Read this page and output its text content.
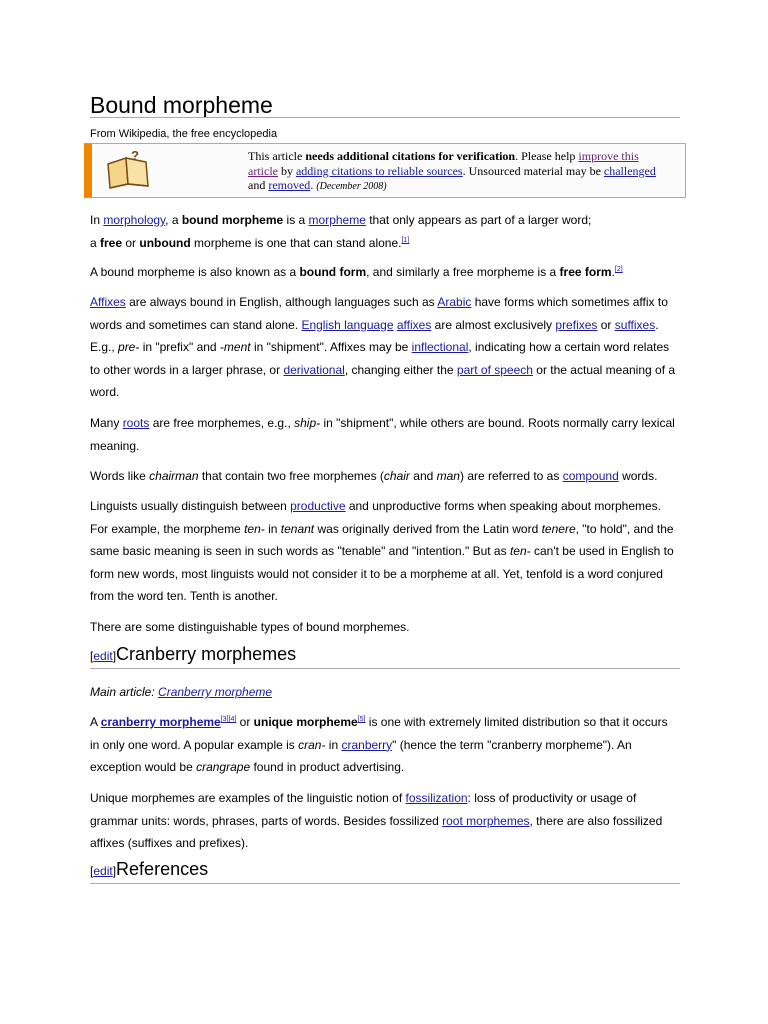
Bound morpheme
From Wikipedia, the free encyclopedia
?	This article needs additional citations for verification. Please help improve this article by adding citations to reliable sources. Unsourced material may be challenged and removed. (December 2008)
In morphology, a bound morpheme is a morpheme that only appears as part of a larger word;
a free or unbound morpheme is one that can stand alone.[1]
A bound morpheme is also known as a bound form, and similarly a free morpheme is a free form.[2]
Affixes are always bound in English, although languages such as Arabic have forms which sometimes affix to words and sometimes can stand alone. English language affixes are almost exclusively prefixes or suffixes. E.g., pre- in "prefix" and -ment in "shipment". Affixes may be inflectional, indicating how a certain word relates to other words in a larger phrase, or derivational, changing either the part of speech or the actual meaning of a word.
Many roots are free morphemes, e.g., ship- in "shipment", while others are bound. Roots normally carry lexical meaning.
Words like chairman that contain two free morphemes (chair and man) are referred to as compound words.
Linguists usually distinguish between productive and unproductive forms when speaking about morphemes. For example, the morpheme ten- in tenant was originally derived from the Latin word tenere, "to hold", and the same basic meaning is seen in such words as "tenable" and "intention." But as ten- can't be used in English to form new words, most linguists would not consider it to be a morpheme at all. Yet, tenfold is a word conjured from the word ten. Tenth is another.
There are some distinguishable types of bound morphemes.
[edit]Cranberry morphemes
Main article: Cranberry morpheme
A cranberry morpheme[3][4] or unique morpheme[5] is one with extremely limited distribution so that it occurs in only one word. A popular example is cran- in cranberry" (hence the term "cranberry morpheme"). An exception would be crangrape found in product advertising.
Unique morphemes are examples of the linguistic notion of fossilization: loss of productivity or usage of grammar units: words, phrases, parts of words. Besides fossilized root morphemes, there are also fossilized affixes (suffixes and prefixes).
[edit]References
